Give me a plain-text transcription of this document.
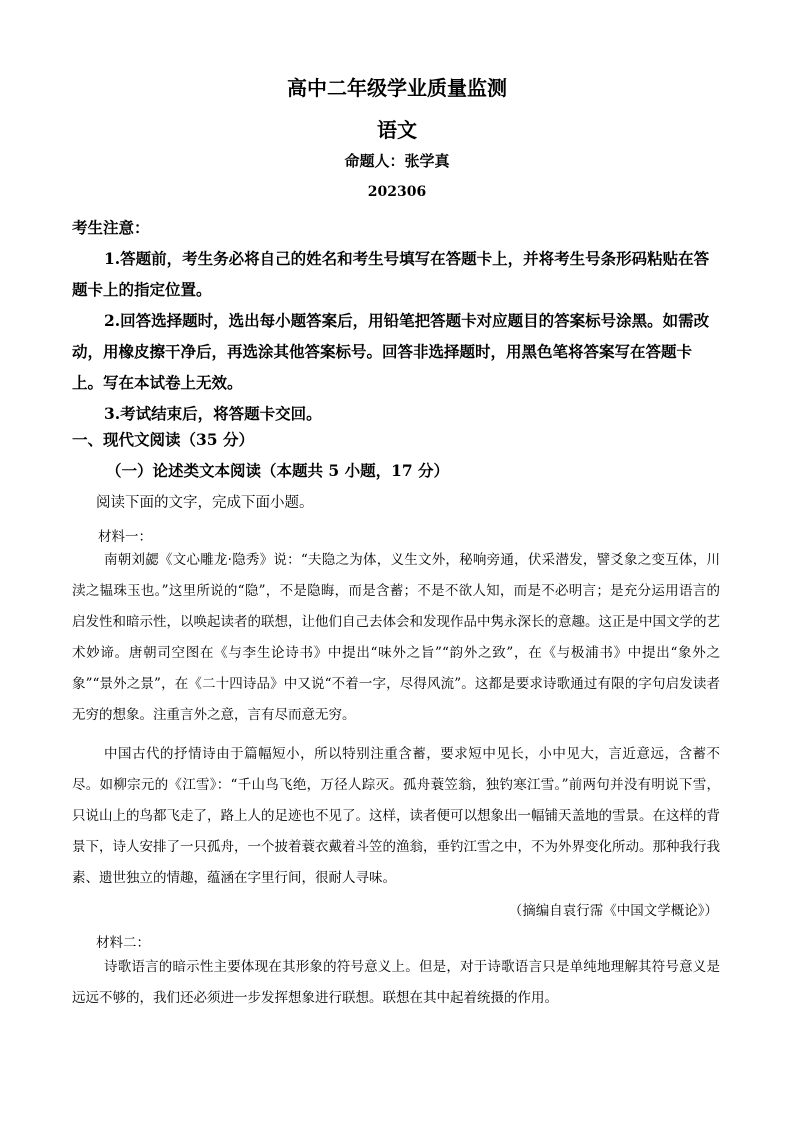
高中二年级学业质量监测
语文
命题人：张学真
202306

考生注意：

1.答题前，考生务必将自己的姓名和考生号填写在答题卡上，并将考生号条形码粘贴在答题卡上的指定位置。

2.回答选择题时，选出每小题答案后，用铅笔把答题卡对应题目的答案标号涂黑。如需改动，用橡皮擦干净后，再选涂其他答案标号。回答非选择题时，用黑色笔将答案写在答题卡上。写在本试卷上无效。

3.考试结束后，将答题卡交回。

一、现代文阅读（35 分）

（一）论述类文本阅读（本题共 5 小题，17 分）

阅读下面的文字，完成下面小题。

材料一：

南朝刘勰《文心雕龙·隐秀》说：“夫隐之为体，义生文外，秘响旁通，伏采潜发，譬爻象之变互体，川渎之韫珠玉也。”这里所说的“隐”，不是隐晦，而是含蓄；不是不欲人知，而是不必明言；是充分运用语言的启发性和暗示性，以唤起读者的联想，让他们自己去体会和发现作品中隽永深长的意趣。这正是中国文学的艺术妙谛。唐朝司空图在《与李生论诗书》中提出“味外之旨”“韵外之致”，在《与极浦书》中提出“象外之象”“景外之景”，在《二十四诗品》中又说“不着一字，尽得风流”。这都是要求诗歌通过有限的字句启发读者无穷的想象。注重言外之意，言有尽而意无穷。

中国古代的抒情诗由于篇幅短小，所以特别注重含蓄，要求短中见长，小中见大，言近意远，含蓄不尽。如柳宗元的《江雪》：“千山鸟飞绝，万径人踪灭。孤舟蓑笠翁，独钓寒江雪。”前两句并没有明说下雪，只说山上的鸟都飞走了，路上人的足迹也不见了。这样，读者便可以想象出一幅铺天盖地的雪景。在这样的背景下，诗人安排了一只孤舟，一个披着蓑衣戴着斗笠的渔翁，垂钓江雪之中，不为外界变化所动。那种我行我素、遗世独立的情趣，蕴涵在字里行间，很耐人寻味。

（摘编自袁行霈《中国文学概论》）

材料二：

诗歌语言的暗示性主要体现在其形象的符号意义上。但是，对于诗歌语言只是单纯地理解其符号意义是远远不够的，我们还必须进一步发挥想象进行联想。联想在其中起着统摄的作用。
